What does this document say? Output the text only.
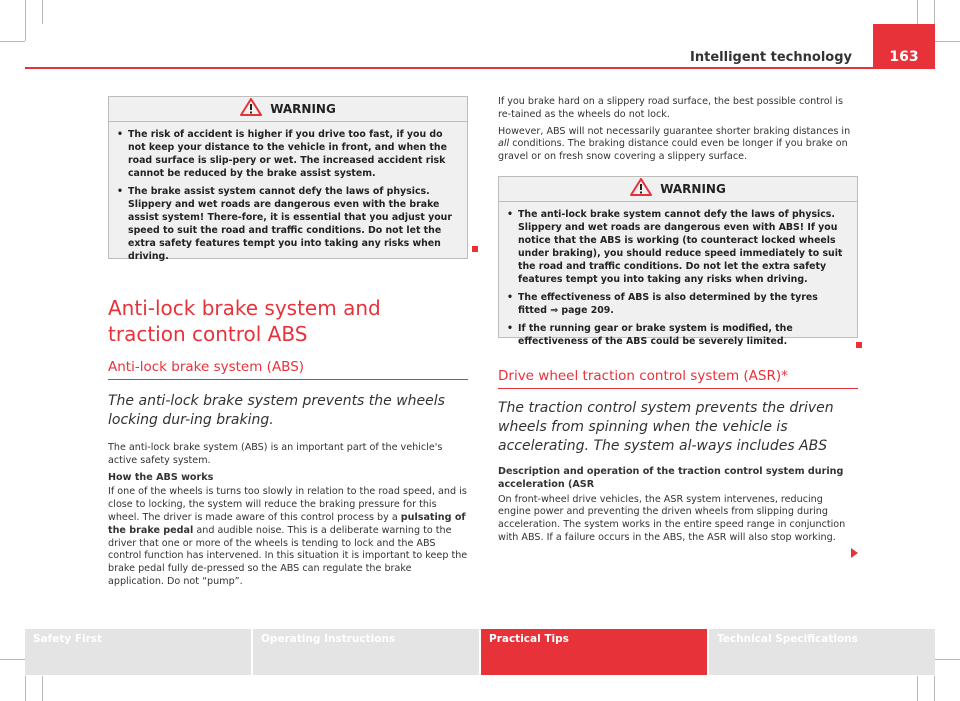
Intelligent technology	163
WARNING
• The risk of accident is higher if you drive too fast, if you do not keep your distance to the vehicle in front, and when the road surface is slip-pery or wet. The increased accident risk cannot be reduced by the brake assist system.
• The brake assist system cannot defy the laws of physics. Slippery and wet roads are dangerous even with the brake assist system! There-fore, it is essential that you adjust your speed to suit the road and traffic conditions. Do not let the extra safety features tempt you into taking any risks when driving.
Anti-lock brake system and traction control ABS
Anti-lock brake system (ABS)

The anti-lock brake system prevents the wheels locking dur-ing braking.

The anti-lock brake system (ABS) is an important part of the vehicle's active safety system.

How the ABS works

If one of the wheels is turns too slowly in relation to the road speed, and is close to locking, the system will reduce the braking pressure for this wheel. The driver is made aware of this control process by a pulsating of the brake pedal and audible noise. This is a deliberate warning to the driver that one or more of the wheels is tending to lock and the ABS control function has intervened. In this situation it is important to keep the brake pedal fully de-pressed so the ABS can regulate the brake application. Do not “pump”.

If you brake hard on a slippery road surface, the best possible control is re-tained as the wheels do not lock.

However, ABS will not necessarily guarantee shorter braking distances in all conditions. The braking distance could even be longer if you brake on gravel or on fresh snow covering a slippery surface.

WARNING
• The anti-lock brake system cannot defy the laws of physics. Slippery and wet roads are dangerous even with ABS! If you notice that the ABS is working (to counteract locked wheels under braking), you should reduce speed immediately to suit the road and traffic conditions. Do not let the extra safety features tempt you into taking any risks when driving.
• The effectiveness of ABS is also determined by the tyres fitted ⇒ page 209.
• If the running gear or brake system is modified, the effectiveness of the ABS could be severely limited.
Drive wheel traction control system (ASR)*

The traction control system prevents the driven wheels from spinning when the vehicle is accelerating. The system al-ways includes ABS

Description and operation of the traction control system during acceleration (ASR

On front-wheel drive vehicles, the ASR system intervenes, reducing engine power and preventing the driven wheels from slipping during acceleration. The system works in the entire speed range in conjunction with ABS. If a failure occurs in the ABS, the ASR will also stop working.

Safety First	Operating Instructions	Practical Tips	Technical Specifications
